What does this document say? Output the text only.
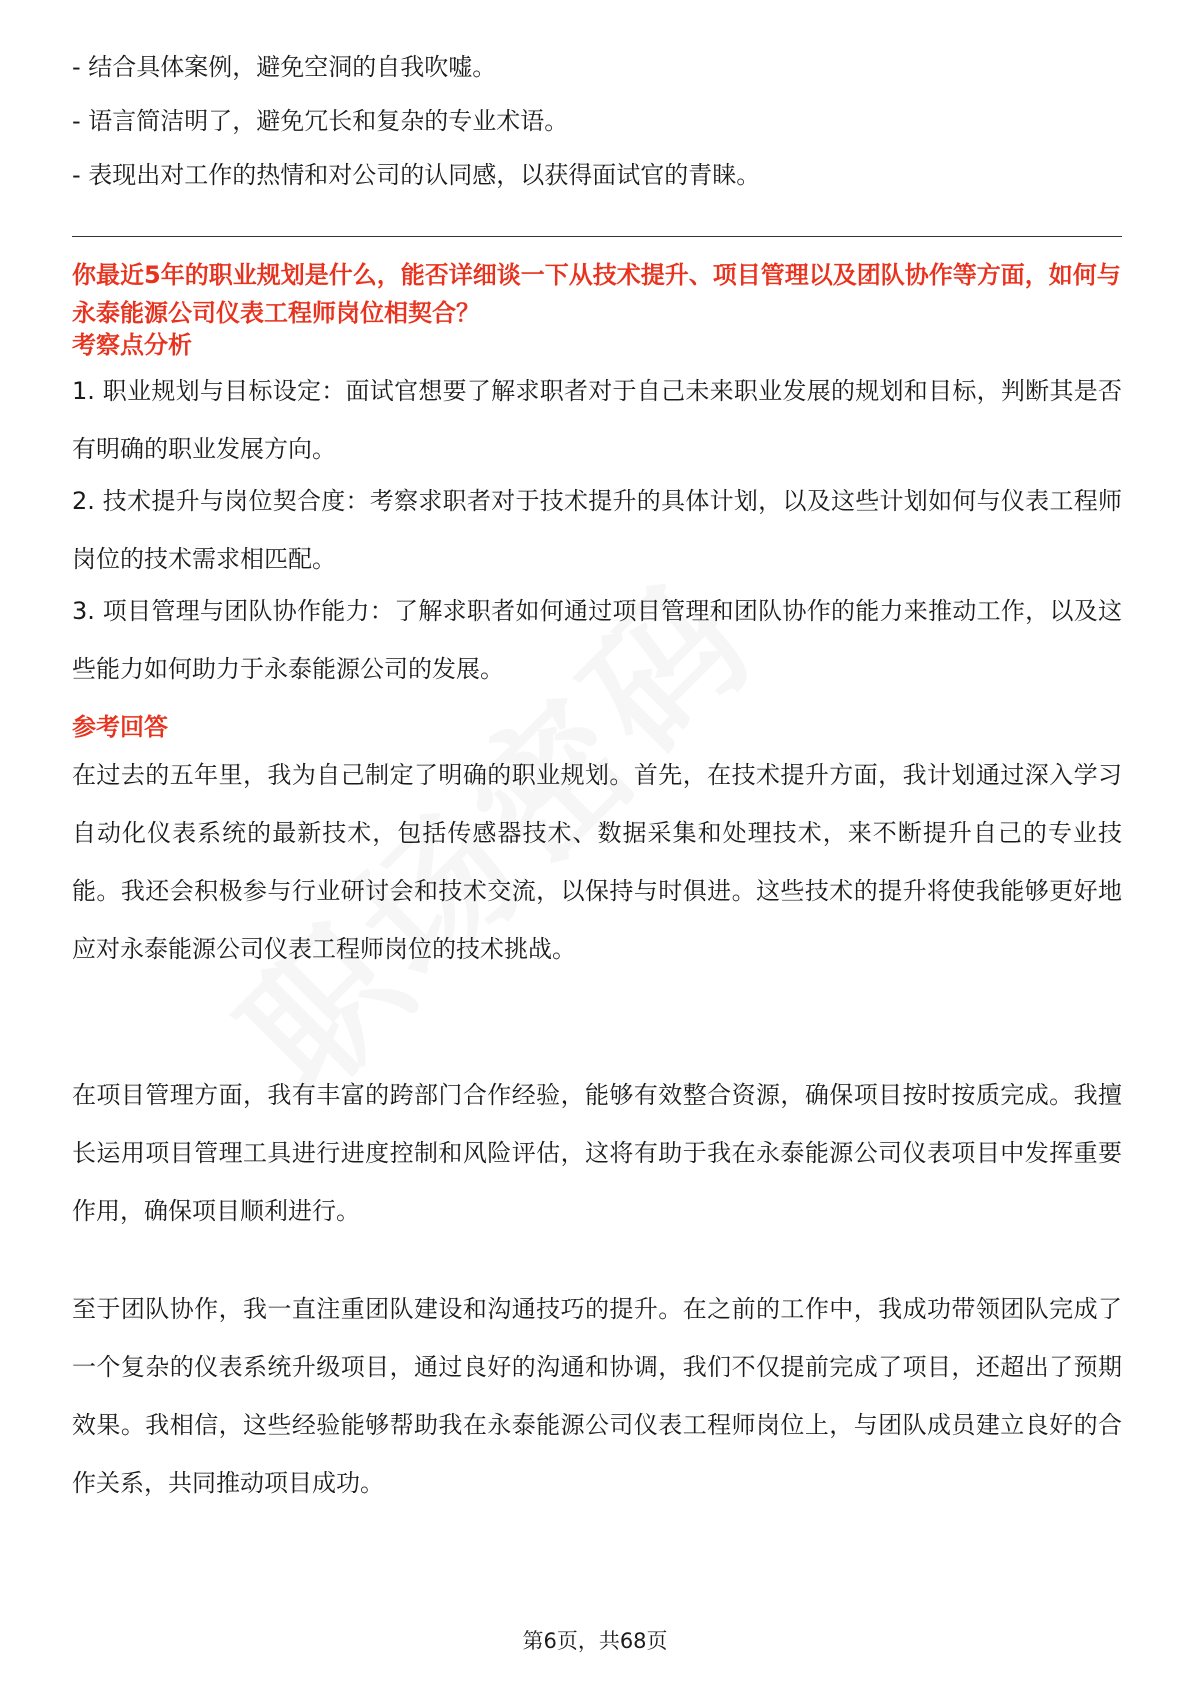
- 结合具体案例，避免空洞的自我吹嘘。

- 语言简洁明了，避免冗长和复杂的专业术语。

- 表现出对工作的热情和对公司的认同感，以获得面试官的青睐。

你最近5年的职业规划是什么，能否详细谈一下从技术提升、项目管理以及团队协作等方面，如何与永泰能源公司仪表工程师岗位相契合？

考察点分析

1. 职业规划与目标设定：面试官想要了解求职者对于自己未来职业发展的规划和目标，判断其是否有明确的职业发展方向。

2. 技术提升与岗位契合度：考察求职者对于技术提升的具体计划，以及这些计划如何与仪表工程师岗位的技术需求相匹配。

3. 项目管理与团队协作能力：了解求职者如何通过项目管理和团队协作的能力来推动工作，以及这些能力如何助力于永泰能源公司的发展。

参考回答

在过去的五年里，我为自己制定了明确的职业规划。首先，在技术提升方面，我计划通过深入学习自动化仪表系统的最新技术，包括传感器技术、数据采集和处理技术，来不断提升自己的专业技能。我还会积极参与行业研讨会和技术交流，以保持与时俱进。这些技术的提升将使我能够更好地应对永泰能源公司仪表工程师岗位的技术挑战。

在项目管理方面，我有丰富的跨部门合作经验，能够有效整合资源，确保项目按时按质完成。我擅长运用项目管理工具进行进度控制和风险评估，这将有助于我在永泰能源公司仪表项目中发挥重要作用，确保项目顺利进行。

至于团队协作，我一直注重团队建设和沟通技巧的提升。在之前的工作中，我成功带领团队完成了一个复杂的仪表系统升级项目，通过良好的沟通和协调，我们不仅提前完成了项目，还超出了预期效果。我相信，这些经验能够帮助我在永泰能源公司仪表工程师岗位上，与团队成员建立良好的合作关系，共同推动项目成功。

第6页，共68页
